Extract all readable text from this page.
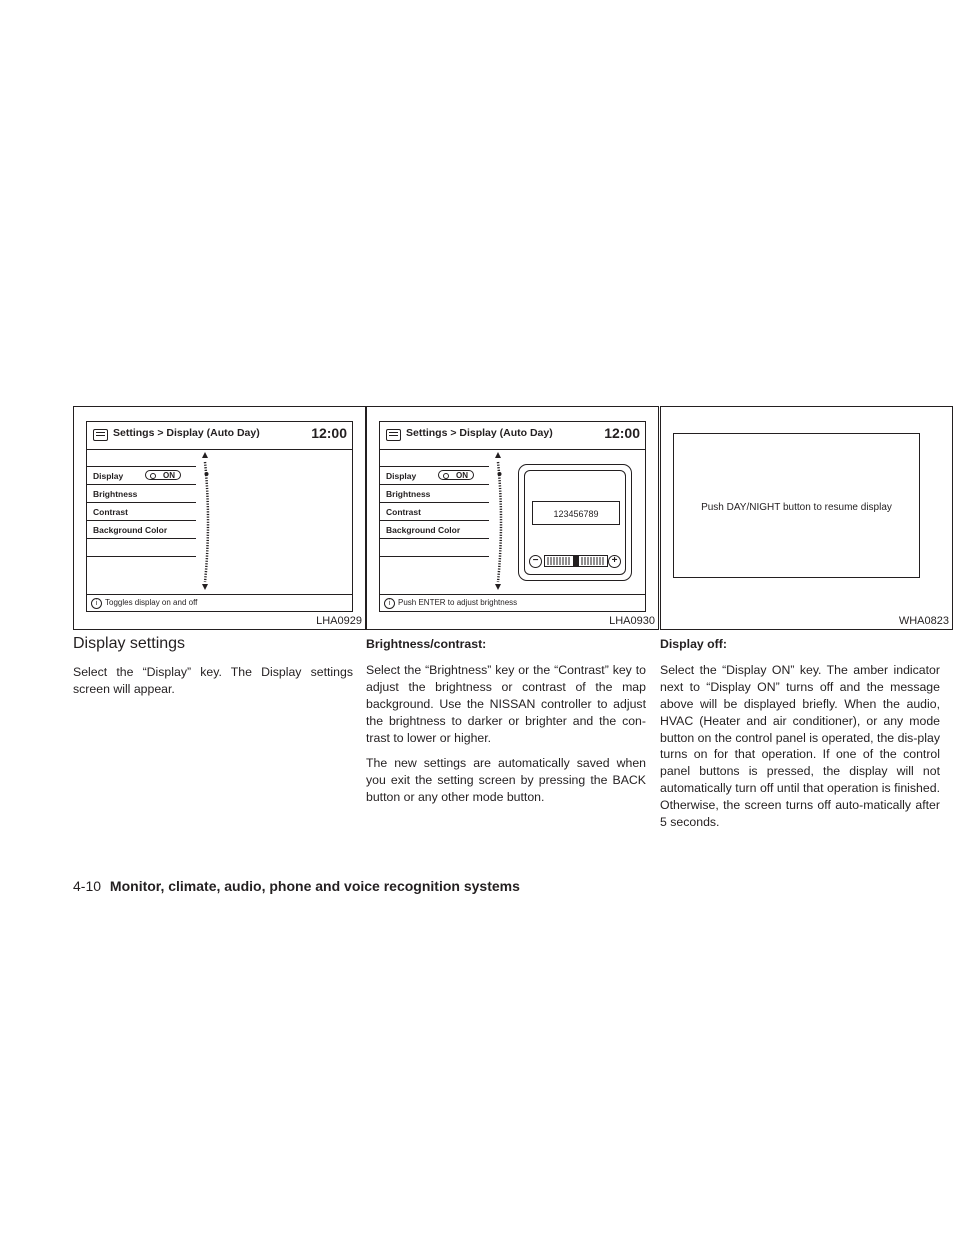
Settings > Display (Auto Day)	12:00
Display	ON
Brightness
Contrast
Background Color
i Toggles display on and off
LHA0929
Settings > Display (Auto Day)	12:00
Display	ON
Brightness
Contrast
Background Color
123456789
−	+
i Push ENTER to adjust brightness
LHA0930
Push DAY/NIGHT button to resume display
WHA0823
Display settings

Select the “Display” key. The Display settings screen will appear.

Brightness/contrast:

Select the “Brightness” key or the “Contrast” key to adjust the brightness or contrast of the map background. Use the NISSAN controller to adjust the brightness to darker or brighter and the con-trast to lower or higher.

The new settings are automatically saved when you exit the setting screen by pressing the BACK button or any other mode button.

Display off:

Select the “Display ON” key. The amber indicator next to “Display ON” turns off and the message above will be displayed briefly. When the audio, HVAC (Heater and air conditioner), or any mode button on the control panel is operated, the dis-play turns on for that operation. If one of the control panel buttons is pressed, the display will not automatically turn off until that operation is finished. Otherwise, the screen turns off auto-matically after 5 seconds.

4-10 Monitor, climate, audio, phone and voice recognition systems
